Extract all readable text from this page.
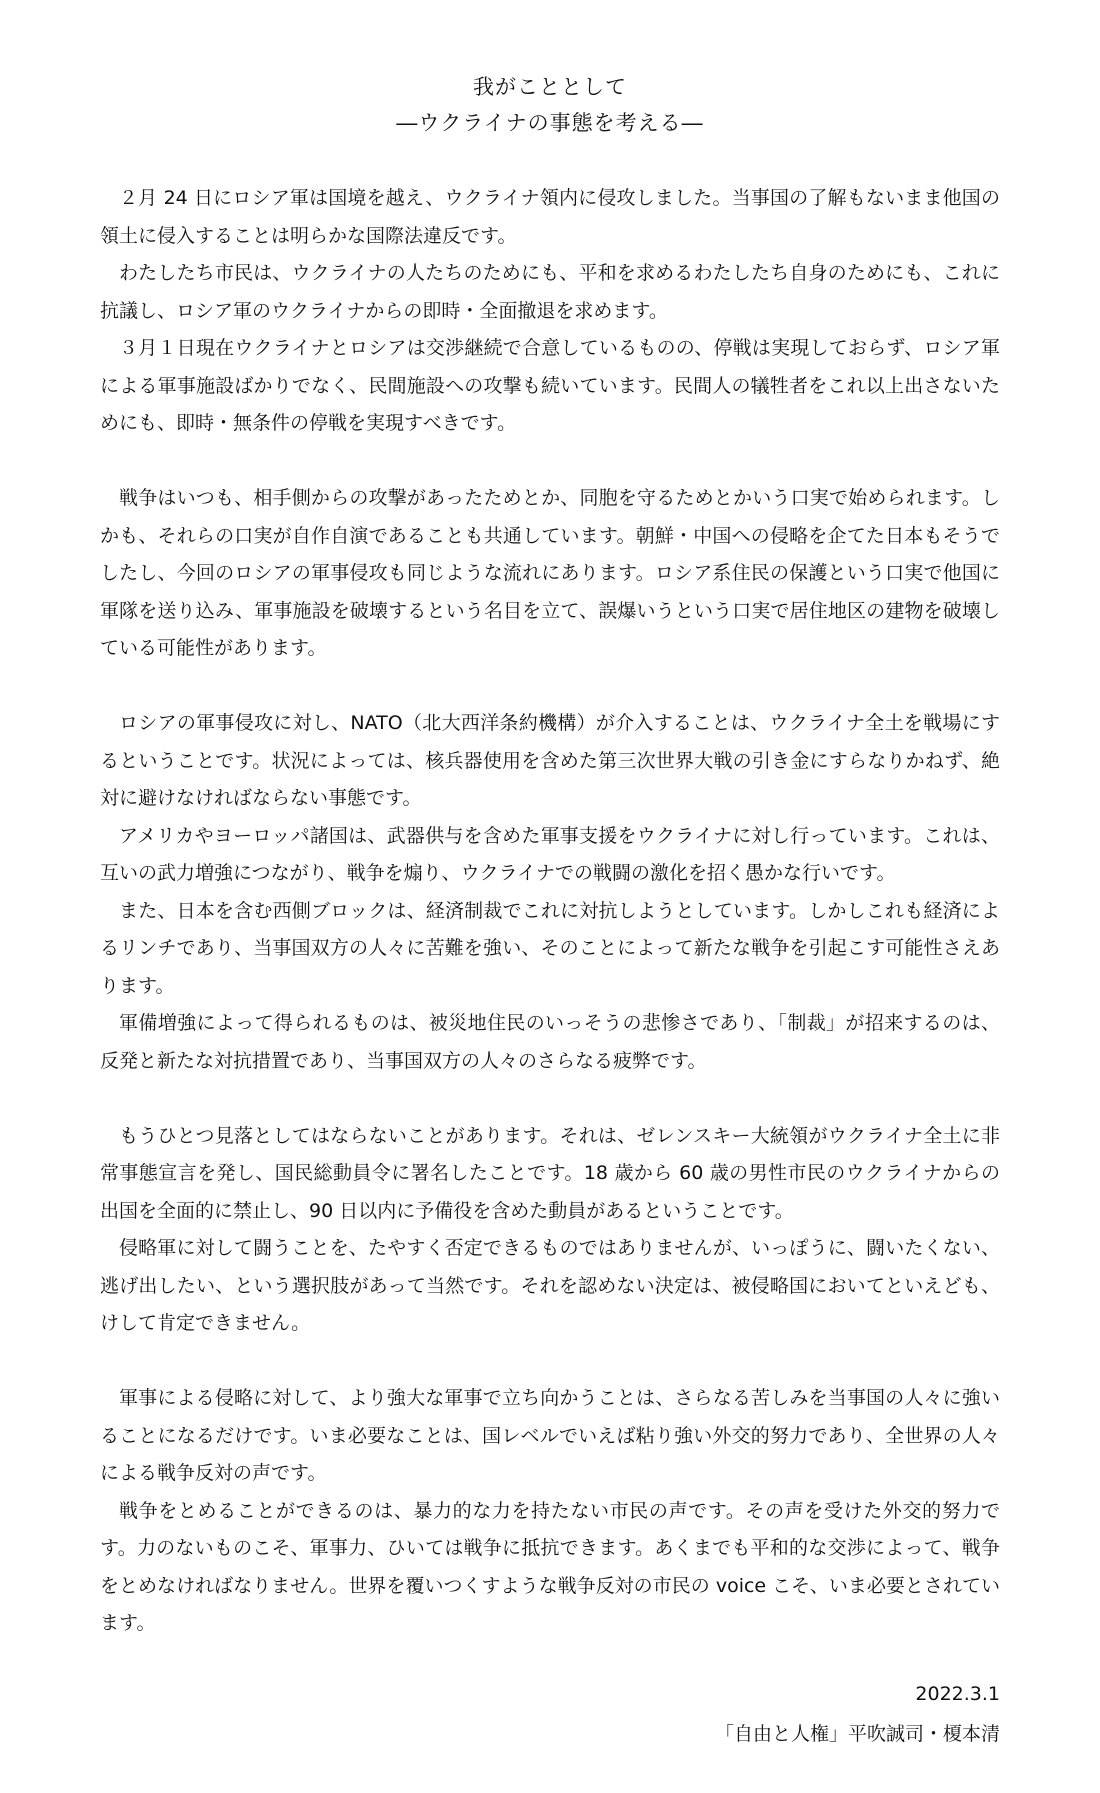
我がこととして
―ウクライナの事態を考える―

２月 24 日にロシア軍は国境を越え、ウクライナ領内に侵攻しました。当事国の了解もないまま他国の領土に侵入することは明らかな国際法違反です。

わたしたち市民は、ウクライナの人たちのためにも、平和を求めるわたしたち自身のためにも、これに抗議し、ロシア軍のウクライナからの即時・全面撤退を求めます。

３月１日現在ウクライナとロシアは交渉継続で合意しているものの、停戦は実現しておらず、ロシア軍による軍事施設ばかりでなく、民間施設への攻撃も続いています。民間人の犠牲者をこれ以上出さないためにも、即時・無条件の停戦を実現すべきです。

戦争はいつも、相手側からの攻撃があったためとか、同胞を守るためとかいう口実で始められます。しかも、それらの口実が自作自演であることも共通しています。朝鮮・中国への侵略を企てた日本もそうでしたし、今回のロシアの軍事侵攻も同じような流れにあります。ロシア系住民の保護という口実で他国に軍隊を送り込み、軍事施設を破壊するという名目を立て、誤爆いうという口実で居住地区の建物を破壊している可能性があります。

ロシアの軍事侵攻に対し、NATO（北大西洋条約機構）が介入することは、ウクライナ全土を戦場にするということです。状況によっては、核兵器使用を含めた第三次世界大戦の引き金にすらなりかねず、絶対に避けなければならない事態です。

アメリカやヨーロッパ諸国は、武器供与を含めた軍事支援をウクライナに対し行っています。これは、互いの武力増強につながり、戦争を煽り、ウクライナでの戦闘の激化を招く愚かな行いです。

また、日本を含む西側ブロックは、経済制裁でこれに対抗しようとしています。しかしこれも経済によるリンチであり、当事国双方の人々に苦難を強い、そのことによって新たな戦争を引起こす可能性さえあります。

軍備増強によって得られるものは、被災地住民のいっそうの悲惨さであり、「制裁」が招来するのは、反発と新たな対抗措置であり、当事国双方の人々のさらなる疲弊です。

もうひとつ見落としてはならないことがあります。それは、ゼレンスキー大統領がウクライナ全土に非常事態宣言を発し、国民総動員令に署名したことです。18 歳から 60 歳の男性市民のウクライナからの出国を全面的に禁止し、90 日以内に予備役を含めた動員があるということです。

侵略軍に対して闘うことを、たやすく否定できるものではありませんが、いっぽうに、闘いたくない、逃げ出したい、という選択肢があって当然です。それを認めない決定は、被侵略国においてといえども、けして肯定できません。

軍事による侵略に対して、より強大な軍事で立ち向かうことは、さらなる苦しみを当事国の人々に強いることになるだけです。いま必要なことは、国レベルでいえば粘り強い外交的努力であり、全世界の人々による戦争反対の声です。

戦争をとめることができるのは、暴力的な力を持たない市民の声です。その声を受けた外交的努力です。力のないものこそ、軍事力、ひいては戦争に抵抗できます。あくまでも平和的な交渉によって、戦争をとめなければなりません。世界を覆いつくすような戦争反対の市民の voice こそ、いま必要とされています。

2022.3.1
「自由と人権」平吹誠司・榎本清
